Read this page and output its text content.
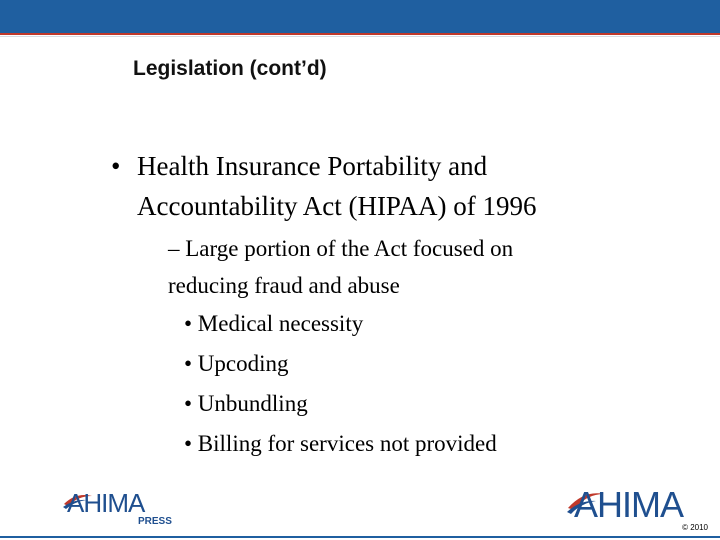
Legislation (cont’d)
• Health Insurance Portability and
Accountability Act (HIPAA) of 1996
– Large portion of the Act focused on
reducing fraud and abuse
• Medical necessity
• Upcoding
• Unbundling
• Billing for services not provided
AHIMA
PRESS	AHIMA
© 2010
